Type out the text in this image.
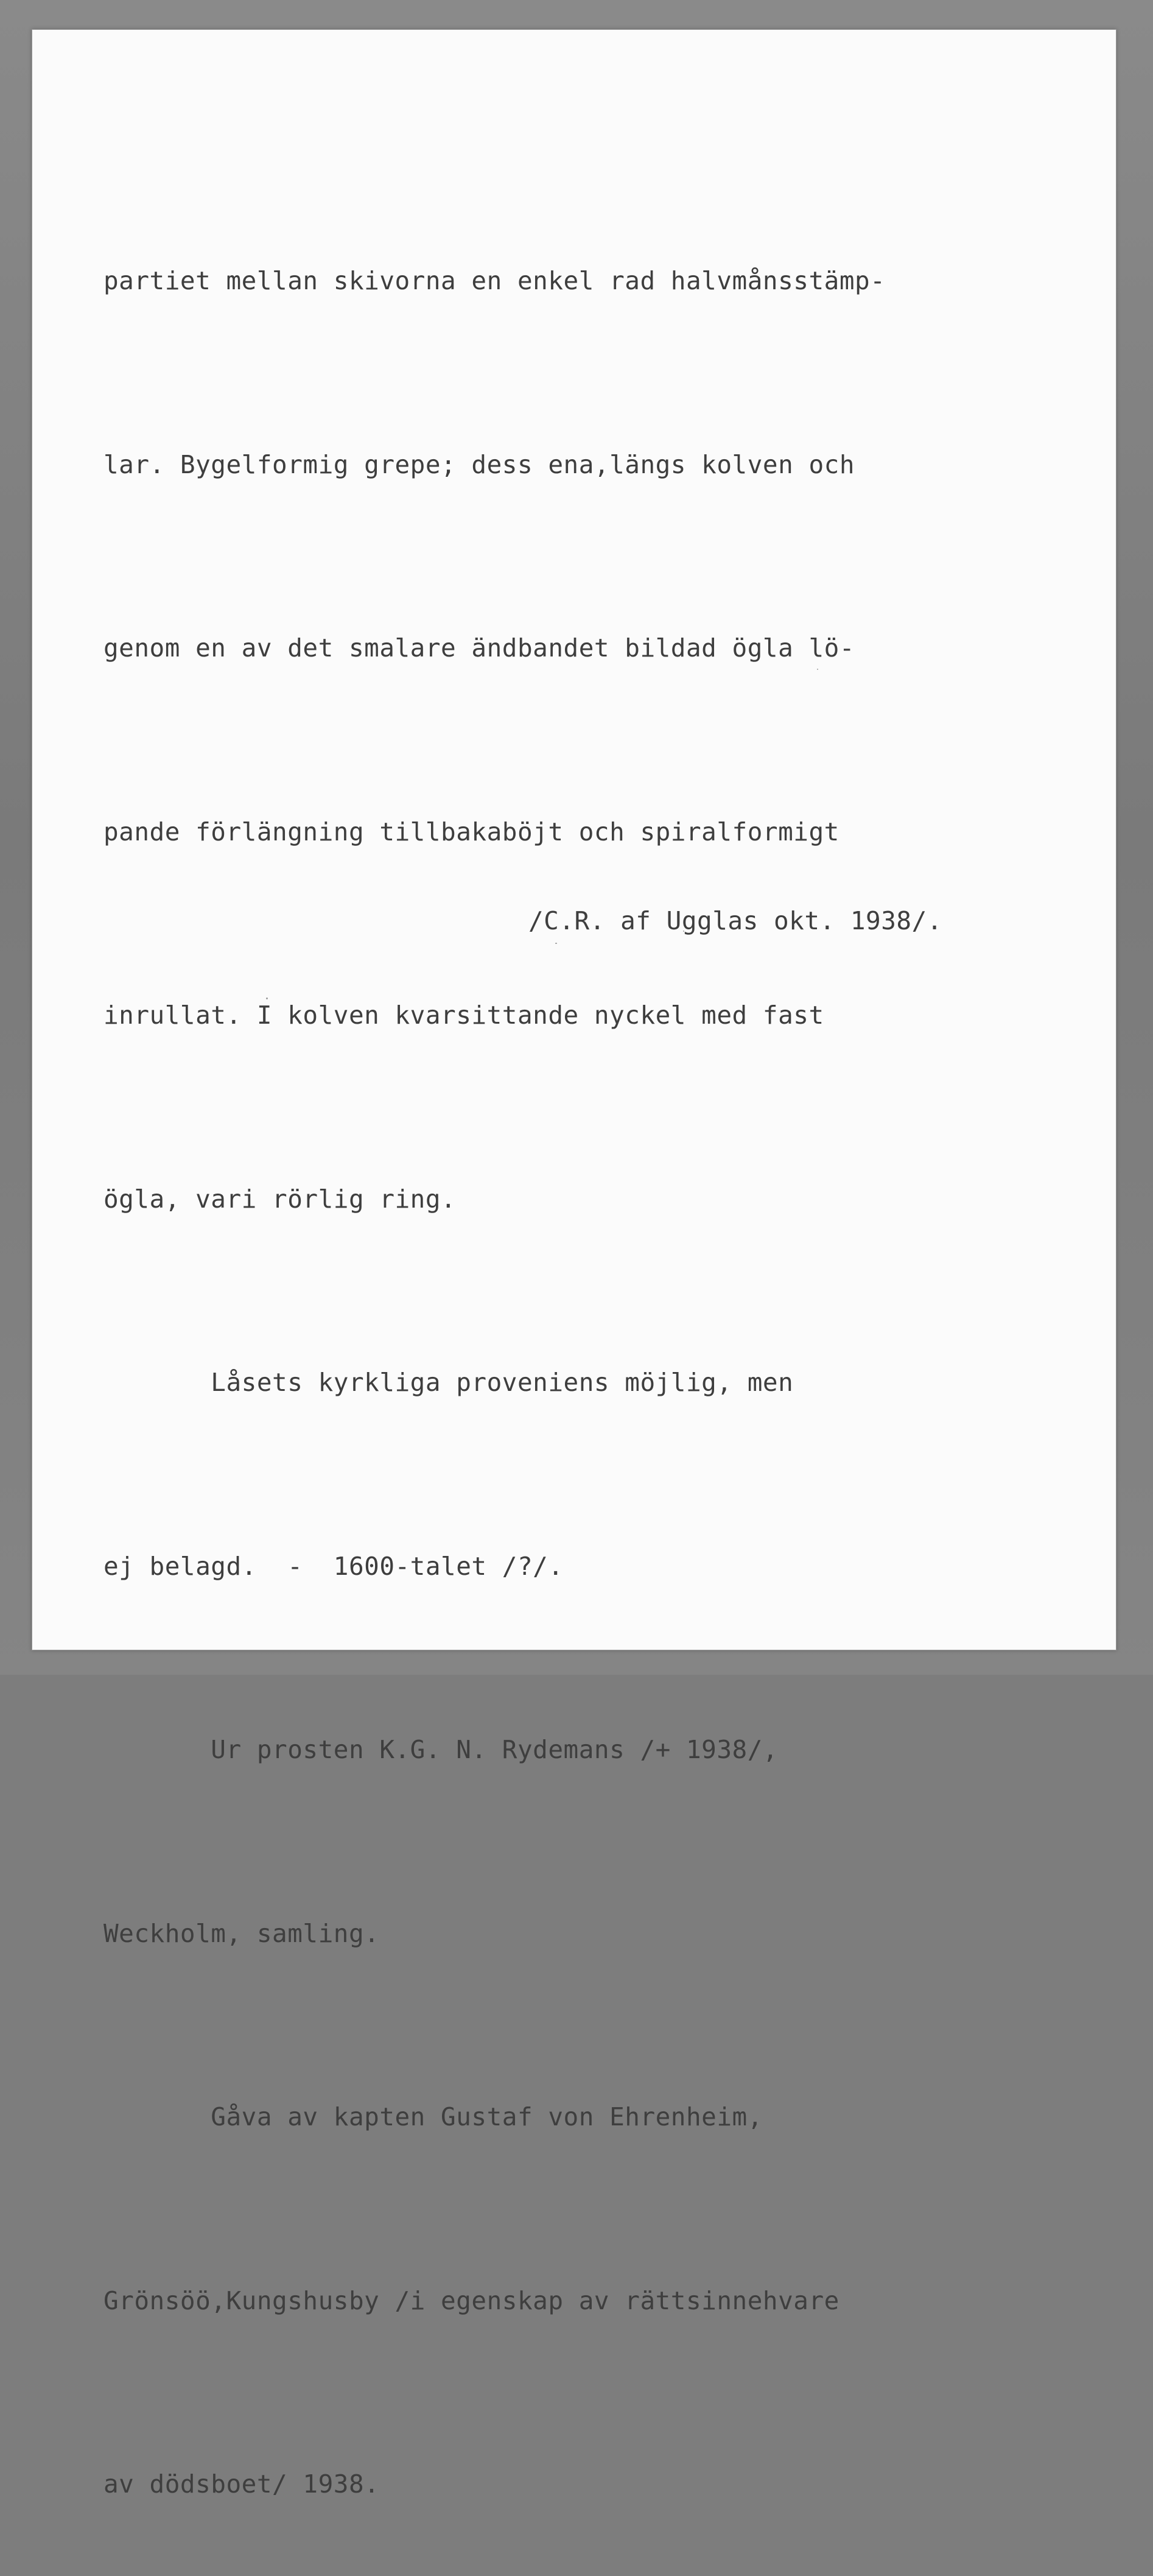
partiet mellan skivorna en enkel rad halvmånsstämp-

lar. Bygelformig grepe; dess ena,längs kolven och

genom en av det smalare ändbandet bildad ögla lö-

pande förlängning tillbakaböjt och spiralformigt

inrullat. I kolven kvarsittande nyckel med fast

ögla, vari rörlig ring.

Låsets kyrkliga proveniens möjlig, men

ej belagd.  -  1600-talet /?/.

Ur prosten K.G. N. Rydemans /+ 1938/,

Weckholm, samling.

Gåva av kapten Gustaf von Ehrenheim,

Grönsöö,Kungshusby /i egenskap av rättsinnehvare

av dödsboet/ 1938.

/C.R. af Ugglas okt. 1938/.
